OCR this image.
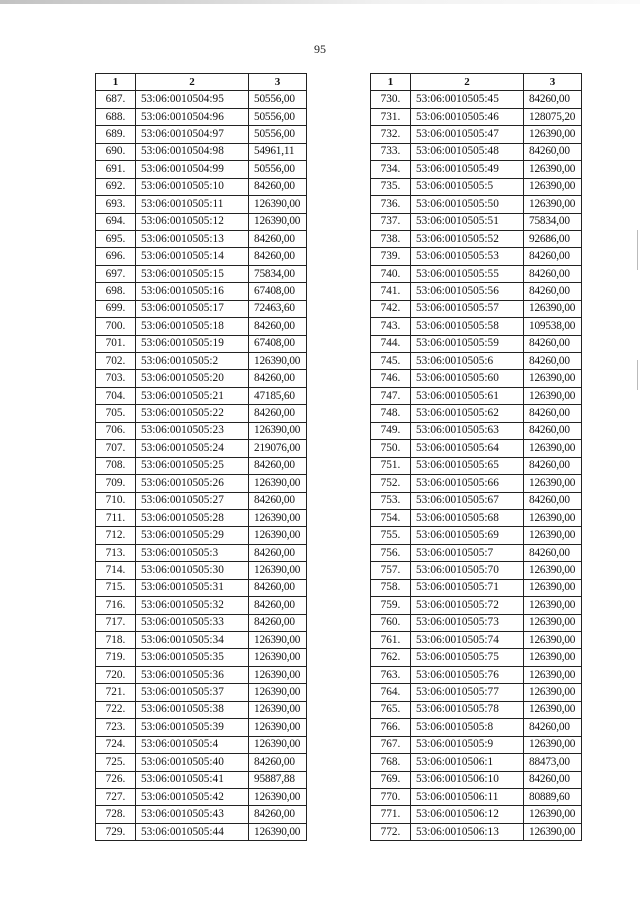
95
1	2	3
687.	53:06:0010504:95	50556,00
688.	53:06:0010504:96	50556,00
689.	53:06:0010504:97	50556,00
690.	53:06:0010504:98	54961,11
691.	53:06:0010504:99	50556,00
692.	53:06:0010505:10	84260,00
693.	53:06:0010505:11	126390,00
694.	53:06:0010505:12	126390,00
695.	53:06:0010505:13	84260,00
696.	53:06:0010505:14	84260,00
697.	53:06:0010505:15	75834,00
698.	53:06:0010505:16	67408,00
699.	53:06:0010505:17	72463,60
700.	53:06:0010505:18	84260,00
701.	53:06:0010505:19	67408,00
702.	53:06:0010505:2	126390,00
703.	53:06:0010505:20	84260,00
704.	53:06:0010505:21	47185,60
705.	53:06:0010505:22	84260,00
706.	53:06:0010505:23	126390,00
707.	53:06:0010505:24	219076,00
708.	53:06:0010505:25	84260,00
709.	53:06:0010505:26	126390,00
710.	53:06:0010505:27	84260,00
711.	53:06:0010505:28	126390,00
712.	53:06:0010505:29	126390,00
713.	53:06:0010505:3	84260,00
714.	53:06:0010505:30	126390,00
715.	53:06:0010505:31	84260,00
716.	53:06:0010505:32	84260,00
717.	53:06:0010505:33	84260,00
718.	53:06:0010505:34	126390,00
719.	53:06:0010505:35	126390,00
720.	53:06:0010505:36	126390,00
721.	53:06:0010505:37	126390,00
722.	53:06:0010505:38	126390,00
723.	53:06:0010505:39	126390,00
724.	53:06:0010505:4	126390,00
725.	53:06:0010505:40	84260,00
726.	53:06:0010505:41	95887,88
727.	53:06:0010505:42	126390,00
728.	53:06:0010505:43	84260,00
729.	53:06:0010505:44	126390,00
1	2	3
730.	53:06:0010505:45	84260,00
731.	53:06:0010505:46	128075,20
732.	53:06:0010505:47	126390,00
733.	53:06:0010505:48	84260,00
734.	53:06:0010505:49	126390,00
735.	53:06:0010505:5	126390,00
736.	53:06:0010505:50	126390,00
737.	53:06:0010505:51	75834,00
738.	53:06:0010505:52	92686,00
739.	53:06:0010505:53	84260,00
740.	53:06:0010505:55	84260,00
741.	53:06:0010505:56	84260,00
742.	53:06:0010505:57	126390,00
743.	53:06:0010505:58	109538,00
744.	53:06:0010505:59	84260,00
745.	53:06:0010505:6	84260,00
746.	53:06:0010505:60	126390,00
747.	53:06:0010505:61	126390,00
748.	53:06:0010505:62	84260,00
749.	53:06:0010505:63	84260,00
750.	53:06:0010505:64	126390,00
751.	53:06:0010505:65	84260,00
752.	53:06:0010505:66	126390,00
753.	53:06:0010505:67	84260,00
754.	53:06:0010505:68	126390,00
755.	53:06:0010505:69	126390,00
756.	53:06:0010505:7	84260,00
757.	53:06:0010505:70	126390,00
758.	53:06:0010505:71	126390,00
759.	53:06:0010505:72	126390,00
760.	53:06:0010505:73	126390,00
761.	53:06:0010505:74	126390,00
762.	53:06:0010505:75	126390,00
763.	53:06:0010505:76	126390,00
764.	53:06:0010505:77	126390,00
765.	53:06:0010505:78	126390,00
766.	53:06:0010505:8	84260,00
767.	53:06:0010505:9	126390,00
768.	53:06:0010506:1	88473,00
769.	53:06:0010506:10	84260,00
770.	53:06:0010506:11	80889,60
771.	53:06:0010506:12	126390,00
772.	53:06:0010506:13	126390,00
